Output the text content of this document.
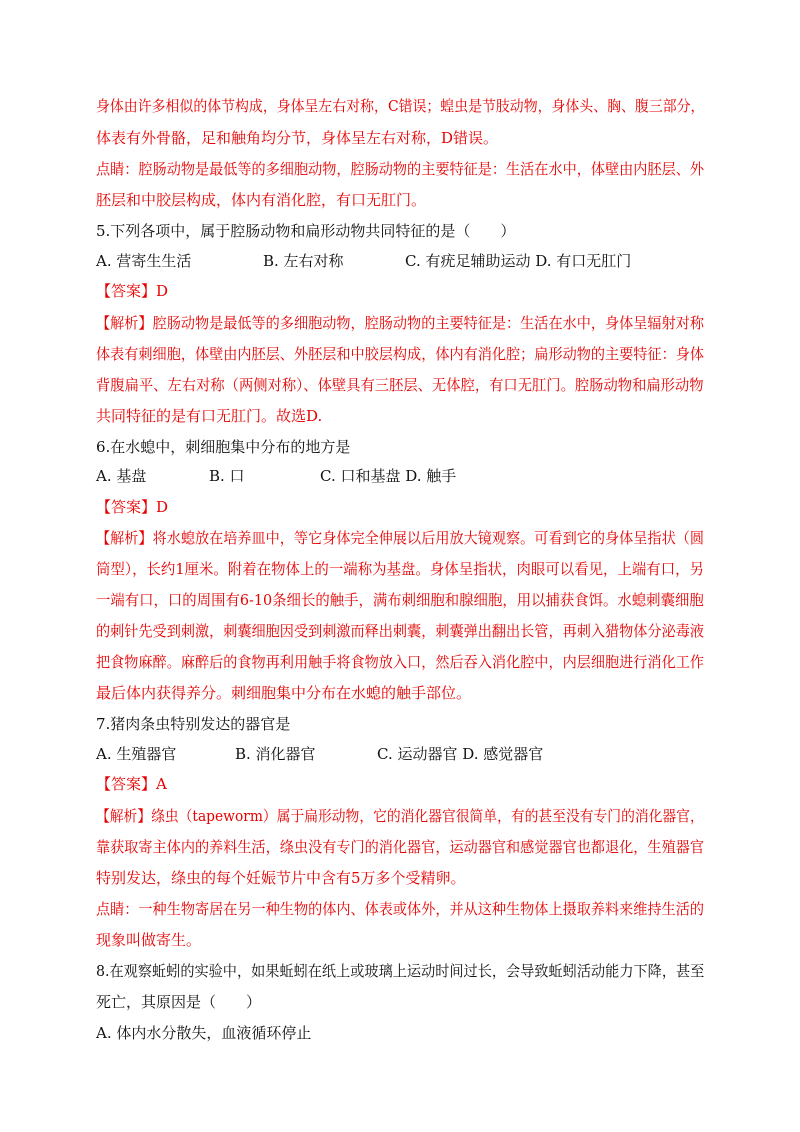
身体由许多相似的体节构成，身体呈左右对称，C错误；蝗虫是节肢动物，身体头、胸、腹三部分，
体表有外骨骼，足和触角均分节，身体呈左右对称，D错误。
点睛：腔肠动物是最低等的多细胞动物，腔肠动物的主要特征是：生活在水中，体壁由内胚层、外
胚层和中胶层构成，体内有消化腔，有口无肛门。
5.下列各项中，属于腔肠动物和扁形动物共同特征的是（　　）
A. 营寄生生活	B. 左右对称	C. 有疣足辅助运动 D. 有口无肛门
【答案】D
【解析】腔肠动物是最低等的多细胞动物，腔肠动物的主要特征是：生活在水中，身体呈辐射对称
体表有刺细胞，体壁由内胚层、外胚层和中胶层构成，体内有消化腔；扁形动物的主要特征：身体
背腹扁平、左右对称（两侧对称）、体壁具有三胚层、无体腔，有口无肛门。腔肠动物和扁形动物
共同特征的是有口无肛门。故选D.
6.在水螅中，刺细胞集中分布的地方是
A. 基盘	B. 口	C. 口和基盘 D. 触手
【答案】D
【解析】将水螅放在培养皿中，等它身体完全伸展以后用放大镜观察。可看到它的身体呈指状（圆
筒型），长约1厘米。附着在物体上的一端称为基盘。身体呈指状，肉眼可以看见，上端有口，另
一端有口，口的周围有6-10条细长的触手，满布刺细胞和腺细胞，用以捕获食饵。水螅刺囊细胞
的刺针先受到刺激，刺囊细胞因受到刺激而释出刺囊，刺囊弹出翻出长管，再刺入猎物体分泌毒液
把食物麻醉。麻醉后的食物再利用触手将食物放入口，然后吞入消化腔中，内层细胞进行消化工作
最后体内获得养分。刺细胞集中分布在水螅的触手部位。
7.猪肉条虫特别发达的器官是
A. 生殖器官	B. 消化器官	C. 运动器官 D. 感觉器官
【答案】A
【解析】绦虫（tapeworm）属于扁形动物，它的消化器官很简单，有的甚至没有专门的消化器官，
靠获取寄主体内的养料生活，绦虫没有专门的消化器官，运动器官和感觉器官也都退化，生殖器官
特别发达，绦虫的每个妊娠节片中含有5万多个受精卵。
点睛：一种生物寄居在另一种生物的体内、体表或体外，并从这种生物体上摄取养料来维持生活的
现象叫做寄生。
8.在观察蚯蚓的实验中，如果蚯蚓在纸上或玻璃上运动时间过长，会导致蚯蚓活动能力下降，甚至
死亡，其原因是（　　）
A. 体内水分散失，血液循环停止
